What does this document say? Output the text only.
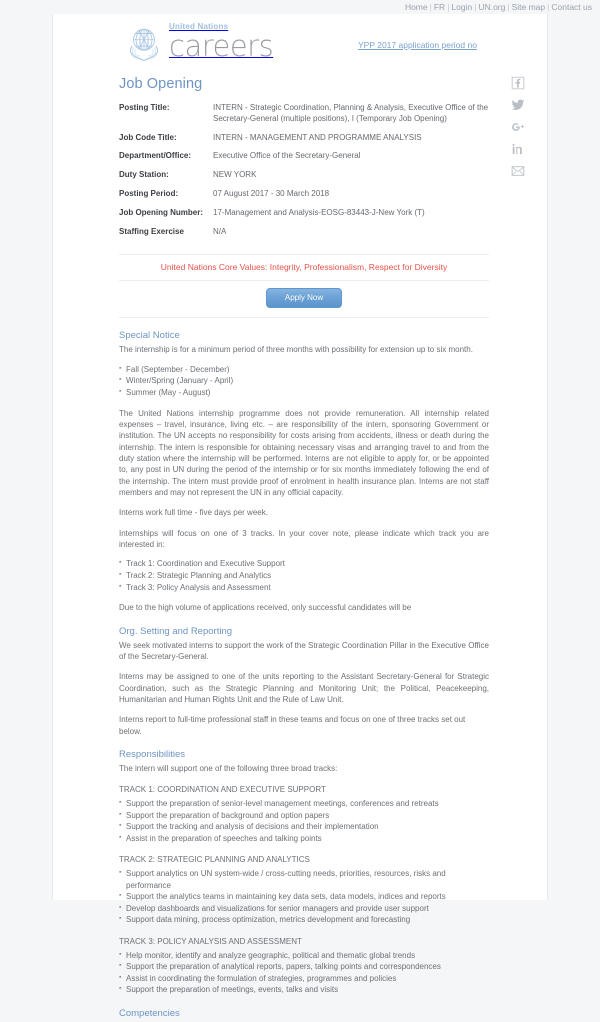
Home | FR | Login | UN.org | Site map | Contact us
United Nations
careers	YPP 2017 application period no
Job Opening
Posting Title:	INTERN - Strategic Coordination, Planning & Analysis, Executive Office of the Secretary-General (multiple positions), I (Temporary Job Opening)
Job Code Title:	INTERN - MANAGEMENT AND PROGRAMME ANALYSIS
Department/Office:	Executive Office of the Secretary-General
Duty Station:	NEW YORK
Posting Period:	07 August 2017 - 30 March 2018
Job Opening Number:	17-Management and Analysis-EOSG-83443-J-New York (T)
Staffing Exercise	N/A
United Nations Core Values: Integrity, Professionalism, Respect for Diversity
Apply Now
Special Notice

The internship is for a minimum period of three months with possibility for extension up to six month.

▪ Fall (September - December)
▪ Winter/Spring (January - April)
▪ Summer (May - August)

The United Nations internship programme does not provide remuneration. All internship related expenses – travel, insurance, living etc. – are responsibility of the intern, sponsoring Government or institution. The UN accepts no responsibility for costs arising from accidents, illness or death during the internship. The intern is responsible for obtaining necessary visas and arranging travel to and from the duty station where the internship will be performed. Interns are not eligible to apply for, or be appointed to, any post in UN during the period of the internship or for six months immediately following the end of the internship. The intern must provide proof of enrolment in health insurance plan. Interns are not staff members and may not represent the UN in any official capacity.

Interns work full time - five days per week.

Internships will focus on one of 3 tracks. In your cover note, please indicate which track you are interested in:

▪ Track 1: Coordination and Executive Support
▪ Track 2: Strategic Planning and Analytics
▪ Track 3: Policy Analysis and Assessment

Due to the high volume of applications received, only successful candidates will be

Org. Setting and Reporting

We seek motivated interns to support the work of the Strategic Coordination Pillar in the Executive Office of the Secretary-General.

Interns may be assigned to one of the units reporting to the Assistant Secretary-General for Strategic Coordination, such as the Strategic Planning and Monitoring Unit; the Political, Peacekeeping, Humanitarian and Human Rights Unit and the Rule of Law Unit.

Interns report to full-time professional staff in these teams and focus on one of three tracks set out below.

Responsibilities

The intern will support one of the following three broad tracks:

TRACK 1: COORDINATION AND EXECUTIVE SUPPORT

▪ Support the preparation of senior-level management meetings, conferences and retreats
▪ Support the preparation of background and option papers
▪ Support the tracking and analysis of decisions and their implementation
▪ Assist in the preparation of speeches and talking points

TRACK 2: STRATEGIC PLANNING AND ANALYTICS

▪ Support analytics on UN system-wide / cross-cutting needs, priorities, resources, risks and performance
▪ Support the analytics teams in maintaining key data sets, data models, indices and reports
▪ Develop dashboards and visualizations for senior managers and provide user support
▪ Support data mining, process optimization, metrics development and forecasting

TRACK 3: POLICY ANALYSIS AND ASSESSMENT

▪ Help monitor, identify and analyze geographic, political and thematic global trends
▪ Support the preparation of analytical reports, papers, talking points and correspondences
▪ Assist in coordinating the formulation of strategies, programmes and policies
▪ Support the preparation of meetings, events, talks and visits
Competencies
